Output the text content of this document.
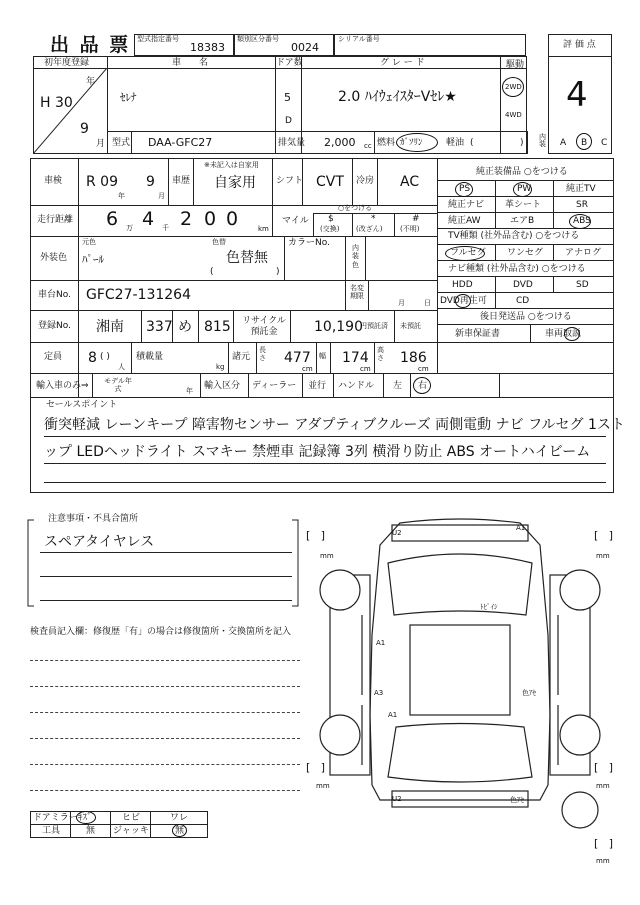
出 品 票 型式指定番号
18383
類別区分番号
0024
シリアル番号
評 価 点
4
初年度登録
H 30
年
9
月
車　　名
ｾﾚﾅ
ドア数
5
D
グ レ ー ド
2.0 ﾊｲｳｪｲｽﾀｰVｾﾚ★
駆動
2WD
4WD
型式 DAA-GFC27	排気量 2,000 cc 燃料 ｶﾞｿﾘﾝ	軽油 (	)
内装 A B C
車検 R 09
年
9
月
車歴
※未記入は自家用
自家用 シフト CVT 冷房 AC
走行距離 6 万 4 千 2 0 0	km
マイル
○をつける
$
(交換)
*
(改ざん)
#
(不明)
外装色
元色
ﾊﾟｰﾙ
色替
色替無
(	)
カラーNo.	内装色
車台No. GFC27-131264	名変期限
月	日
登録No. 湘南 337 め 815 リサイクル預託金	10,190
円預託済 未預託
定員 8 ( )
人
積載量
kg
諸元
長さ 477
cm
幅 174
cm
高さ 186
cm
輸入車のみ⇒ モデル年式	年 輸入区分 ディーラー 並行 ハンドル 左 右
純正装備品 ○をつける
PS	PW	純正TV
純正ナビ 革シート	SR
純正AW	エアB	ABS
TV種類 (社外品含む) ○をつける
フルセグ ワンセグ アナログ
ナビ種類 (社外品含む) ○をつける
HDD	DVD	SD
DVD再生可	CD
後日発送品 ○をつける
新車保証書	車両取説
セールスポイント
衝突軽減 レーンキープ 障害物センサー アダプティブクルーズ 両側電動 ナビ フルセグ 1スト
ップ LEDヘッドライト スマキー 禁煙車 記録簿 3列 横滑り防止 ABS オートハイビーム
注意事項・不具合箇所
スペアタイヤレス
検査員記入欄：修復歴「有」の場合は修復箇所・交換箇所を記入
ドアミラー ｷｽﾞ	ヒビ	ワレ
工具	無 ジャッキ	無
U2
A1
ﾄﾋﾟｲｼ
A1
A3	色ｱｾ
A1
U2	色ｱｾ
[   ]
mm
[   ]
mm
[   ]
mm
[   ]
mm
[   ]
mm
